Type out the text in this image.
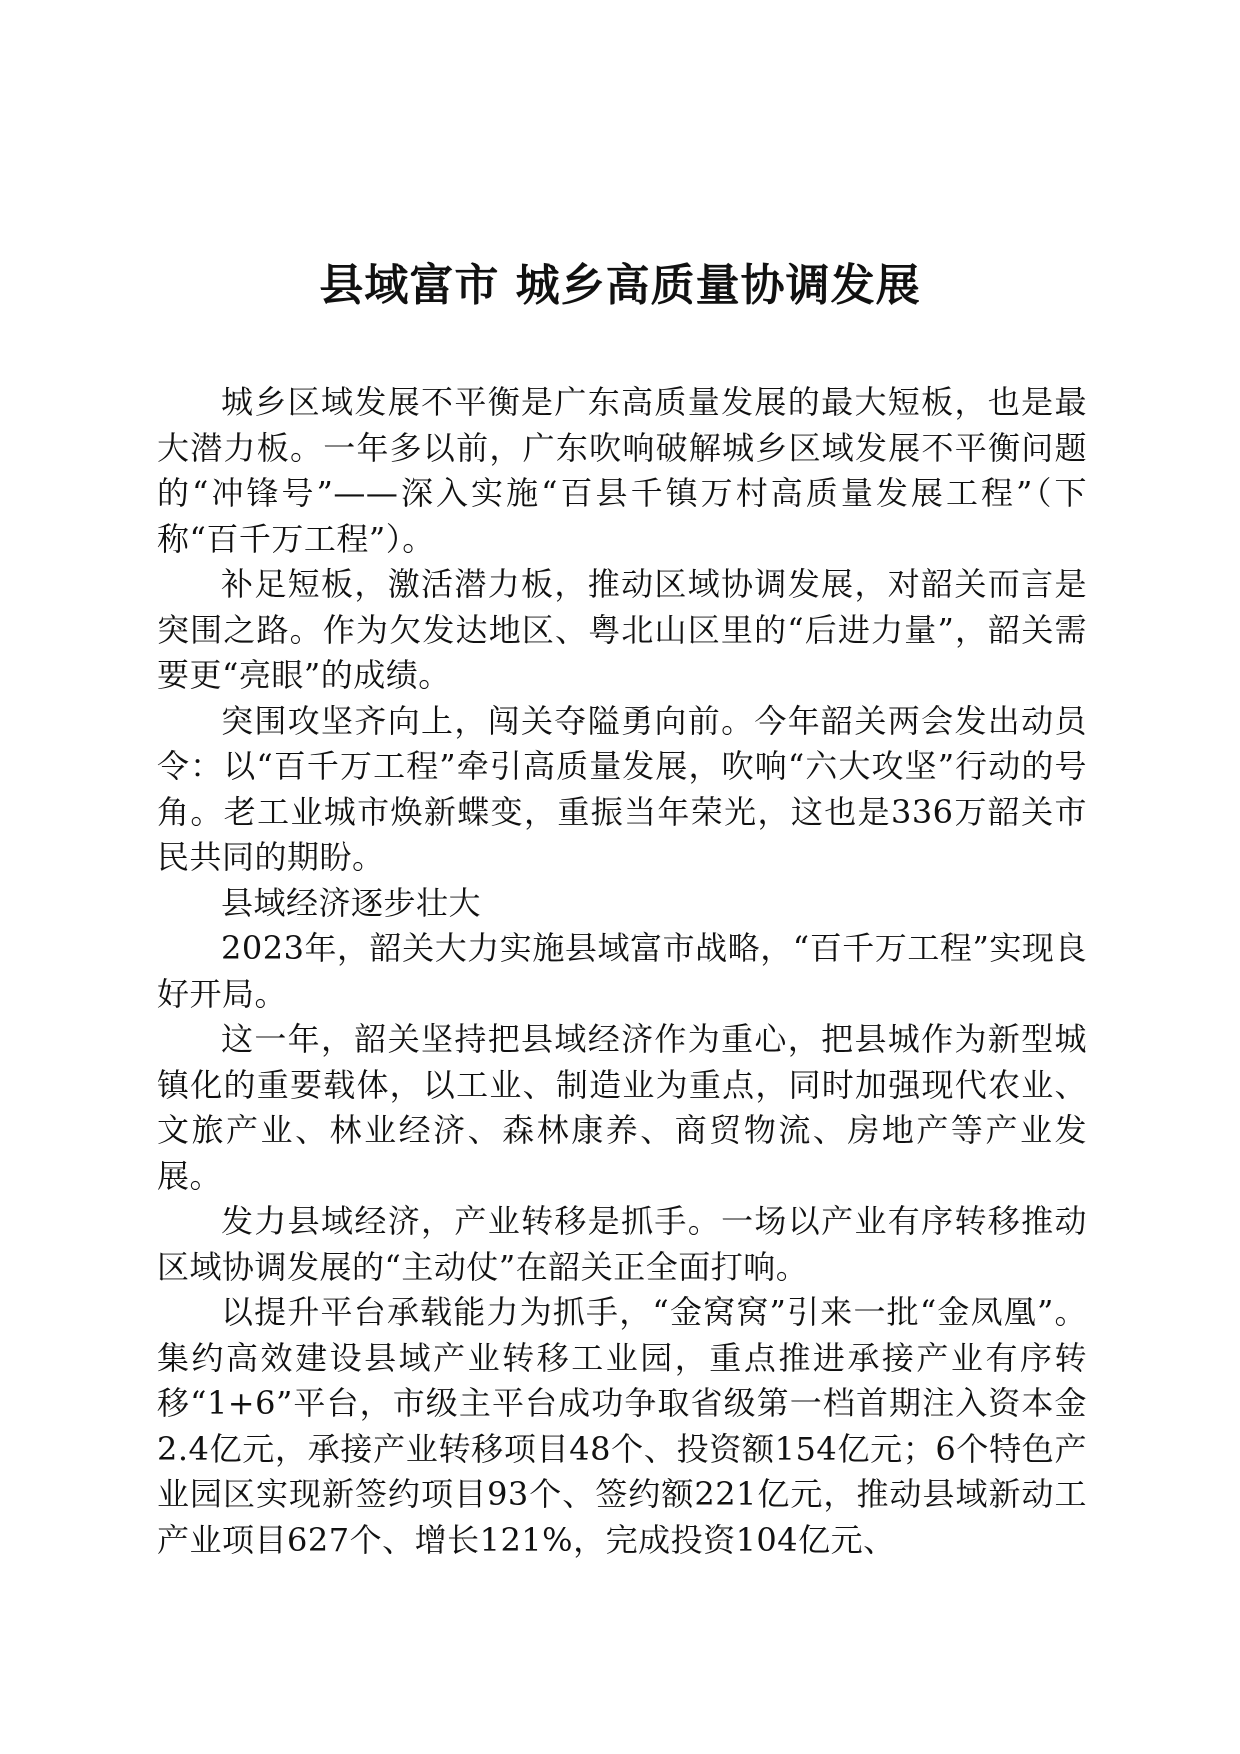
县域富市 城乡高质量协调发展

城乡区域发展不平衡是广东高质量发展的最大短板，也是最大潜力板。一年多以前，广东吹响破解城乡区域发展不平衡问题的“冲锋号”——深入实施“百县千镇万村高质量发展工程”（下称“百千万工程”）。

补足短板，激活潜力板，推动区域协调发展，对韶关而言是突围之路。作为欠发达地区、粤北山区里的“后进力量”，韶关需要更“亮眼”的成绩。

突围攻坚齐向上，闯关夺隘勇向前。今年韶关两会发出动员令：以“百千万工程”牵引高质量发展，吹响“六大攻坚”行动的号角。老工业城市焕新蝶变，重振当年荣光，这也是336万韶关市民共同的期盼。

县域经济逐步壮大

2023年，韶关大力实施县域富市战略，“百千万工程”实现良好开局。

这一年，韶关坚持把县域经济作为重心，把县城作为新型城镇化的重要载体，以工业、制造业为重点，同时加强现代农业、文旅产业、林业经济、森林康养、商贸物流、房地产等产业发展。

发力县域经济，产业转移是抓手。一场以产业有序转移推动区域协调发展的“主动仗”在韶关正全面打响。

以提升平台承载能力为抓手，“金窝窝”引来一批“金凤凰”。集约高效建设县域产业转移工业园，重点推进承接产业有序转移“1+6”平台，市级主平台成功争取省级第一档首期注入资本金2.4亿元，承接产业转移项目48个、投资额154亿元；6个特色产业园区实现新签约项目93个、签约额221亿元，推动县域新动工产业项目627个、增长121%，完成投资104亿元、
